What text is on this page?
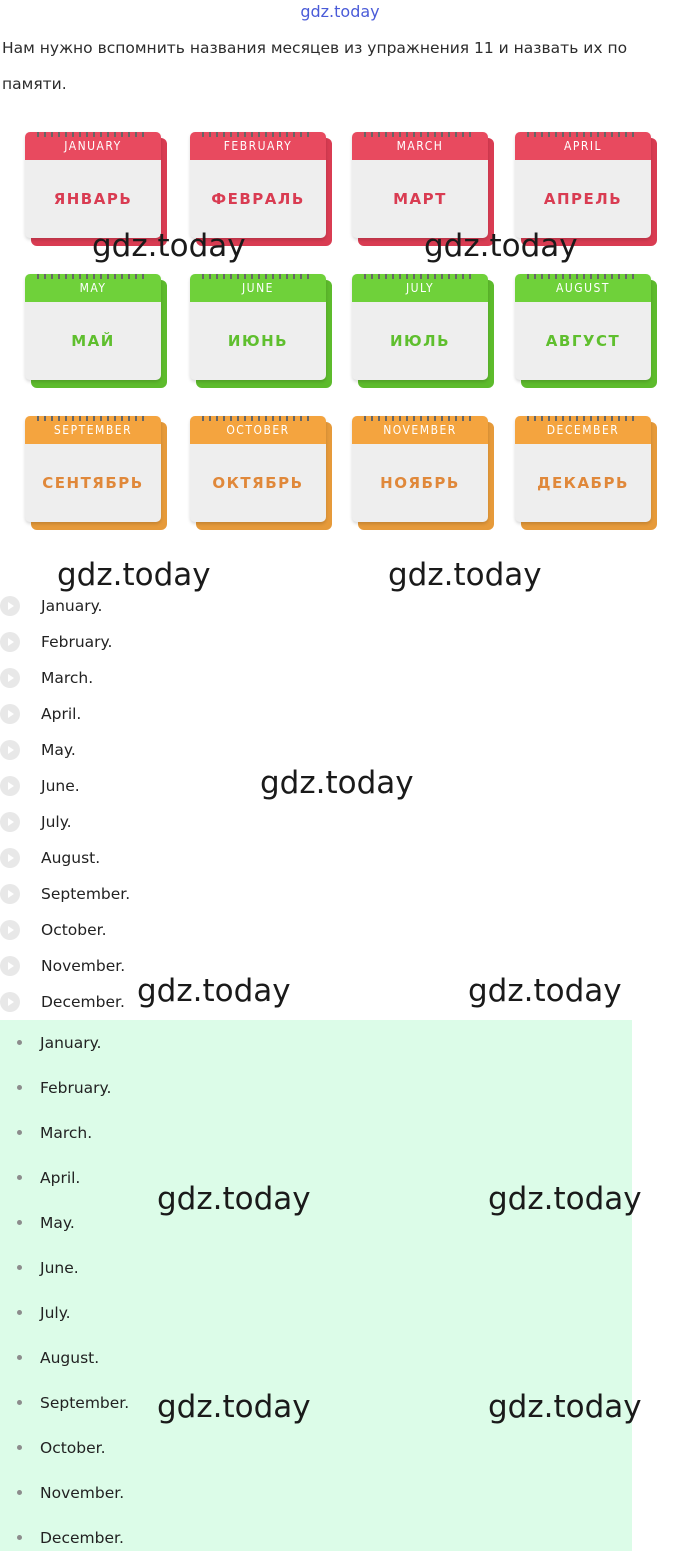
gdz.today
Нам нужно вспомнить названия месяцев из упражнения 11 и назвать их по памяти.
JANUARY
ЯНВАРЬ
FEBRUARY
ФЕВРАЛЬ
MARCH
МАРТ
APRIL
АПРЕЛЬ
MAY
МАЙ
JUNE
ИЮНЬ
JULY
ИЮЛЬ
AUGUST
АВГУСТ
SEPTEMBER
СЕНТЯБРЬ
OCTOBER
ОКТЯБРЬ
NOVEMBER
НОЯБРЬ
DECEMBER
ДЕКАБРЬ
gdz.today	gdz.today
gdz.today	gdz.today
gdz.today
January.
February.
March.
April.
May.
June.
July.
August.
September.
October.
November.
December. gdz.today	gdz.today
January.
February.
March.
April.
May.
June.
July.
August.
September.
October.
November.
December.
gdz.today	gdz.today
gdz.today	gdz.today
